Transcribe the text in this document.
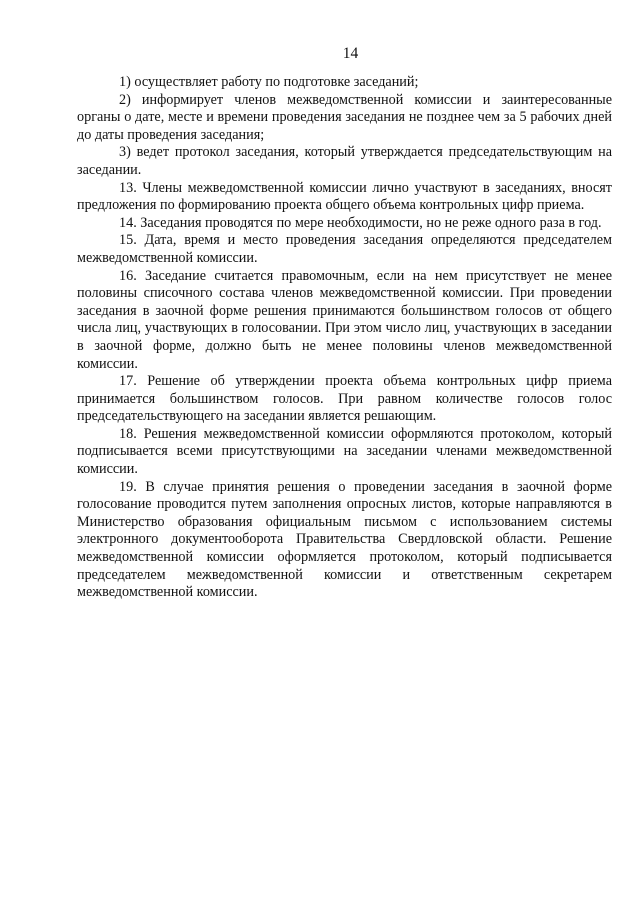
14

1) осуществляет работу по подготовке заседаний;

2) информирует членов межведомственной комиссии и заинтересованные органы о дате, месте и времени проведения заседания не позднее чем за 5 рабочих дней до даты проведения заседания;

3) ведет протокол заседания, который утверждается председательствующим на заседании.

13. Члены межведомственной комиссии лично участвуют в заседаниях, вносят предложения по формированию проекта общего объема контрольных цифр приема.

14. Заседания проводятся по мере необходимости, но не реже одного раза в год.

15. Дата, время и место проведения заседания определяются председателем межведомственной комиссии.

16. Заседание считается правомочным, если на нем присутствует не менее половины списочного состава членов межведомственной комиссии. При проведении заседания в заочной форме решения принимаются большинством голосов от общего числа лиц, участвующих в голосовании. При этом число лиц, участвующих в заседании в заочной форме, должно быть не менее половины членов межведомственной комиссии.

17. Решение об утверждении проекта объема контрольных цифр приема принимается большинством голосов. При равном количестве голосов голос председательствующего на заседании является решающим.

18. Решения межведомственной комиссии оформляются протоколом, который подписывается всеми присутствующими на заседании членами межведомственной комиссии.

19. В случае принятия решения о проведении заседания в заочной форме голосование проводится путем заполнения опросных листов, которые направляются в Министерство образования официальным письмом с использованием системы электронного документооборота Правительства Свердловской области. Решение межведомственной комиссии оформляется протоколом, который подписывается председателем межведомственной комиссии и ответственным секретарем межведомственной комиссии.
